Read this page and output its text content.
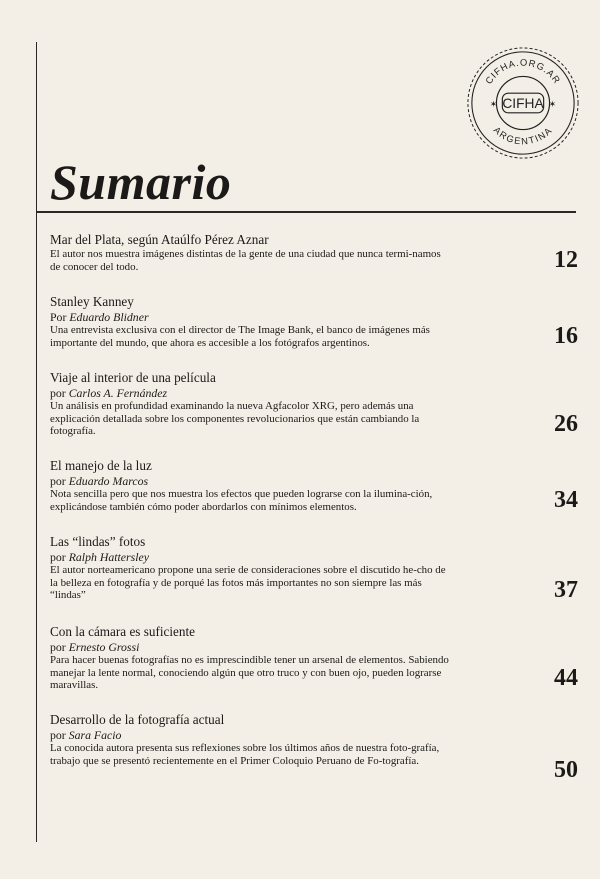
CIFHA.ORG.AR
ARGENTINA
CIFHA
✶	✶
Sumario

Mar del Plata, según Ataúlfo Pérez Aznar

El autor nos muestra imágenes distintas de la gente de una ciudad que nunca termi-namos de conocer del todo.	12

Stanley Kanney

Por Eduardo Blidner

Una entrevista exclusiva con el director de The Image Bank, el banco de imágenes más importante del mundo, que ahora es accesible a los fotógrafos argentinos.	16

Viaje al interior de una película

por Carlos A. Fernández

Un análisis en profundidad examinando la nueva Agfacolor XRG, pero además una explicación detallada sobre los componentes revolucionarios que están cambiando la fotografía.	26

El manejo de la luz

por Eduardo Marcos

Nota sencilla pero que nos muestra los efectos que pueden lograrse con la ilumina-ción, explicándose también cómo poder abordarlos con mínimos elementos.	34

Las “lindas” fotos

por Ralph Hattersley

El autor norteamericano propone una serie de consideraciones sobre el discutido he-cho de la belleza en fotografía y de porqué las fotos más importantes no son siempre las más “lindas”	37

Con la cámara es suficiente

por Ernesto Grossi

Para hacer buenas fotografías no es imprescindible tener un arsenal de elementos. Sabiendo manejar la lente normal, conociendo algún que otro truco y con buen ojo, pueden lograrse maravillas.	44

Desarrollo de la fotografía actual

por Sara Facio

La conocida autora presenta sus reflexiones sobre los últimos años de nuestra foto-grafía, trabajo que se presentó recientemente en el Primer Coloquio Peruano de Fo-tografía.	50
